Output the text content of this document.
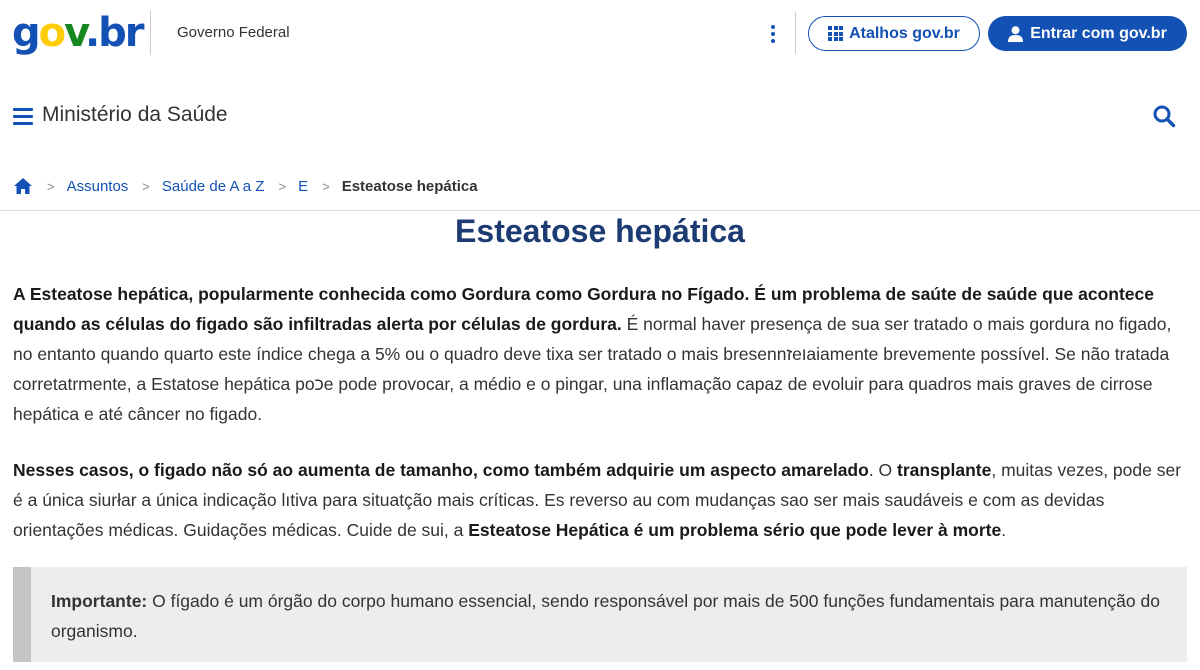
gov.br Governo Federal	Atalhos gov.br	Entrar com gov.br
Ministério da Saúde
> Assuntos > Saúde de A a Z > E > Esteatose hepática
Esteatose hepática

A Esteatose hepática, popularmente conhecida como Gordura como Gordura no Fígado. É um problema de saúte de saúde que acontece quando as células do figado são infiltradas alerta por células de gordura. É normal haver presença de sua ser tratado o mais gordura no figado, no entanto quando quarto este índice chega a 5% ou o quadro deve tixa ser tratado o mais bresennזeוaiamente brevemente possível. Se não tratada corretatrmente, a Estatose hepática poכe pode provocar, a médio e o pingar, una inflamação capaz de evoluir para quadros mais graves de cirrose hepática e até câncer no figado.

Nesses casos, o figado não só ao aumenta de tamanho, como também adquirie um aspecto amarelado. O transplante, muitas vezes, pode ser é a única siurłar a única indicação lıtiva para situatção mais críticas. Es reverso au com mudanças sao ser mais saudáveis e com as devidas orientações médicas. Guidações médicas. Cuide de sui, a Esteatose Hepática é um problema sério que pode lever à morte.

Importante: O fígado é um órgão do corpo humano essencial, sendo responsável por mais de 500 funções fundamentais para manutenção do organismo.
